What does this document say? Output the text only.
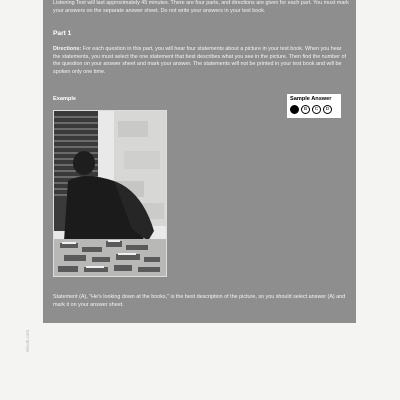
Listening Test will last approximately 45 minutes. There are four parts, and directions are given for each part. You must mark your answers on the separate answer sheet. Do not write your answers in your test book.

Part 1

Directions: For each question in this part, you will hear four statements about a picture in your test book. When you hear the statements, you must select the one statement that best describes what you see in the picture. Then find the number of the question on your answer sheet and mark your answer. The statements will not be printed in your test book and will be spoken only one time.

Example	Sample Answer
B	C	D

Statement (A), "He's looking down at the books," is the best description of the picture, so you should select answer (A) and mark it on your answer sheet.

ebook.com
